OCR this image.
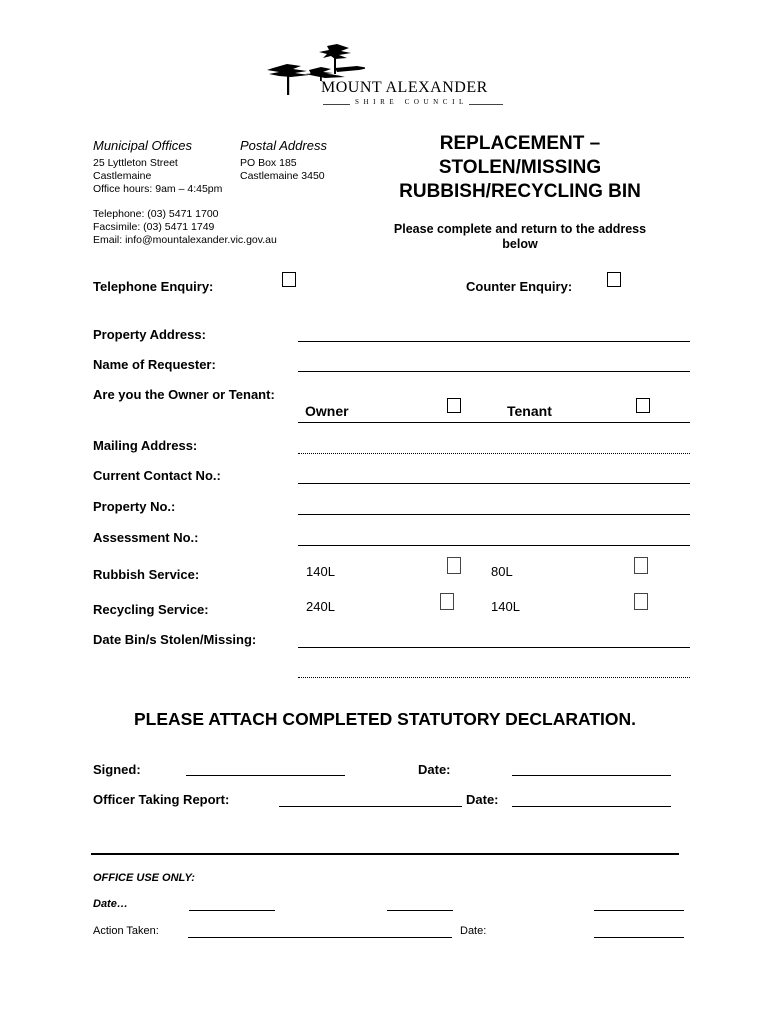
MOUNT ALEXANDER
SHIRE COUNCIL
Municipal Offices
25 Lyttleton Street
Castlemaine
Office hours: 9am – 4:45pm
Postal Address
PO Box 185
Castlemaine 3450
Telephone: (03) 5471 1700
Facsimile: (03) 5471 1749
Email: info@mountalexander.vic.gov.au
REPLACEMENT –
STOLEN/MISSING
RUBBISH/RECYCLING BIN
Please complete and return to the address
below
Telephone Enquiry:	Counter Enquiry:
Property Address:
Name of Requester:
Are you the Owner or Tenant:
Owner	Tenant
Mailing Address:
Current Contact No.:
Property No.:
Assessment No.:
Rubbish Service:	140L	80L
Recycling Service:	240L	140L
Date Bin/s Stolen/Missing:
PLEASE ATTACH COMPLETED STATUTORY DECLARATION.
Signed:	Date:
Officer Taking Report:	Date:
OFFICE USE ONLY:
Date…
Action Taken:	Date:
